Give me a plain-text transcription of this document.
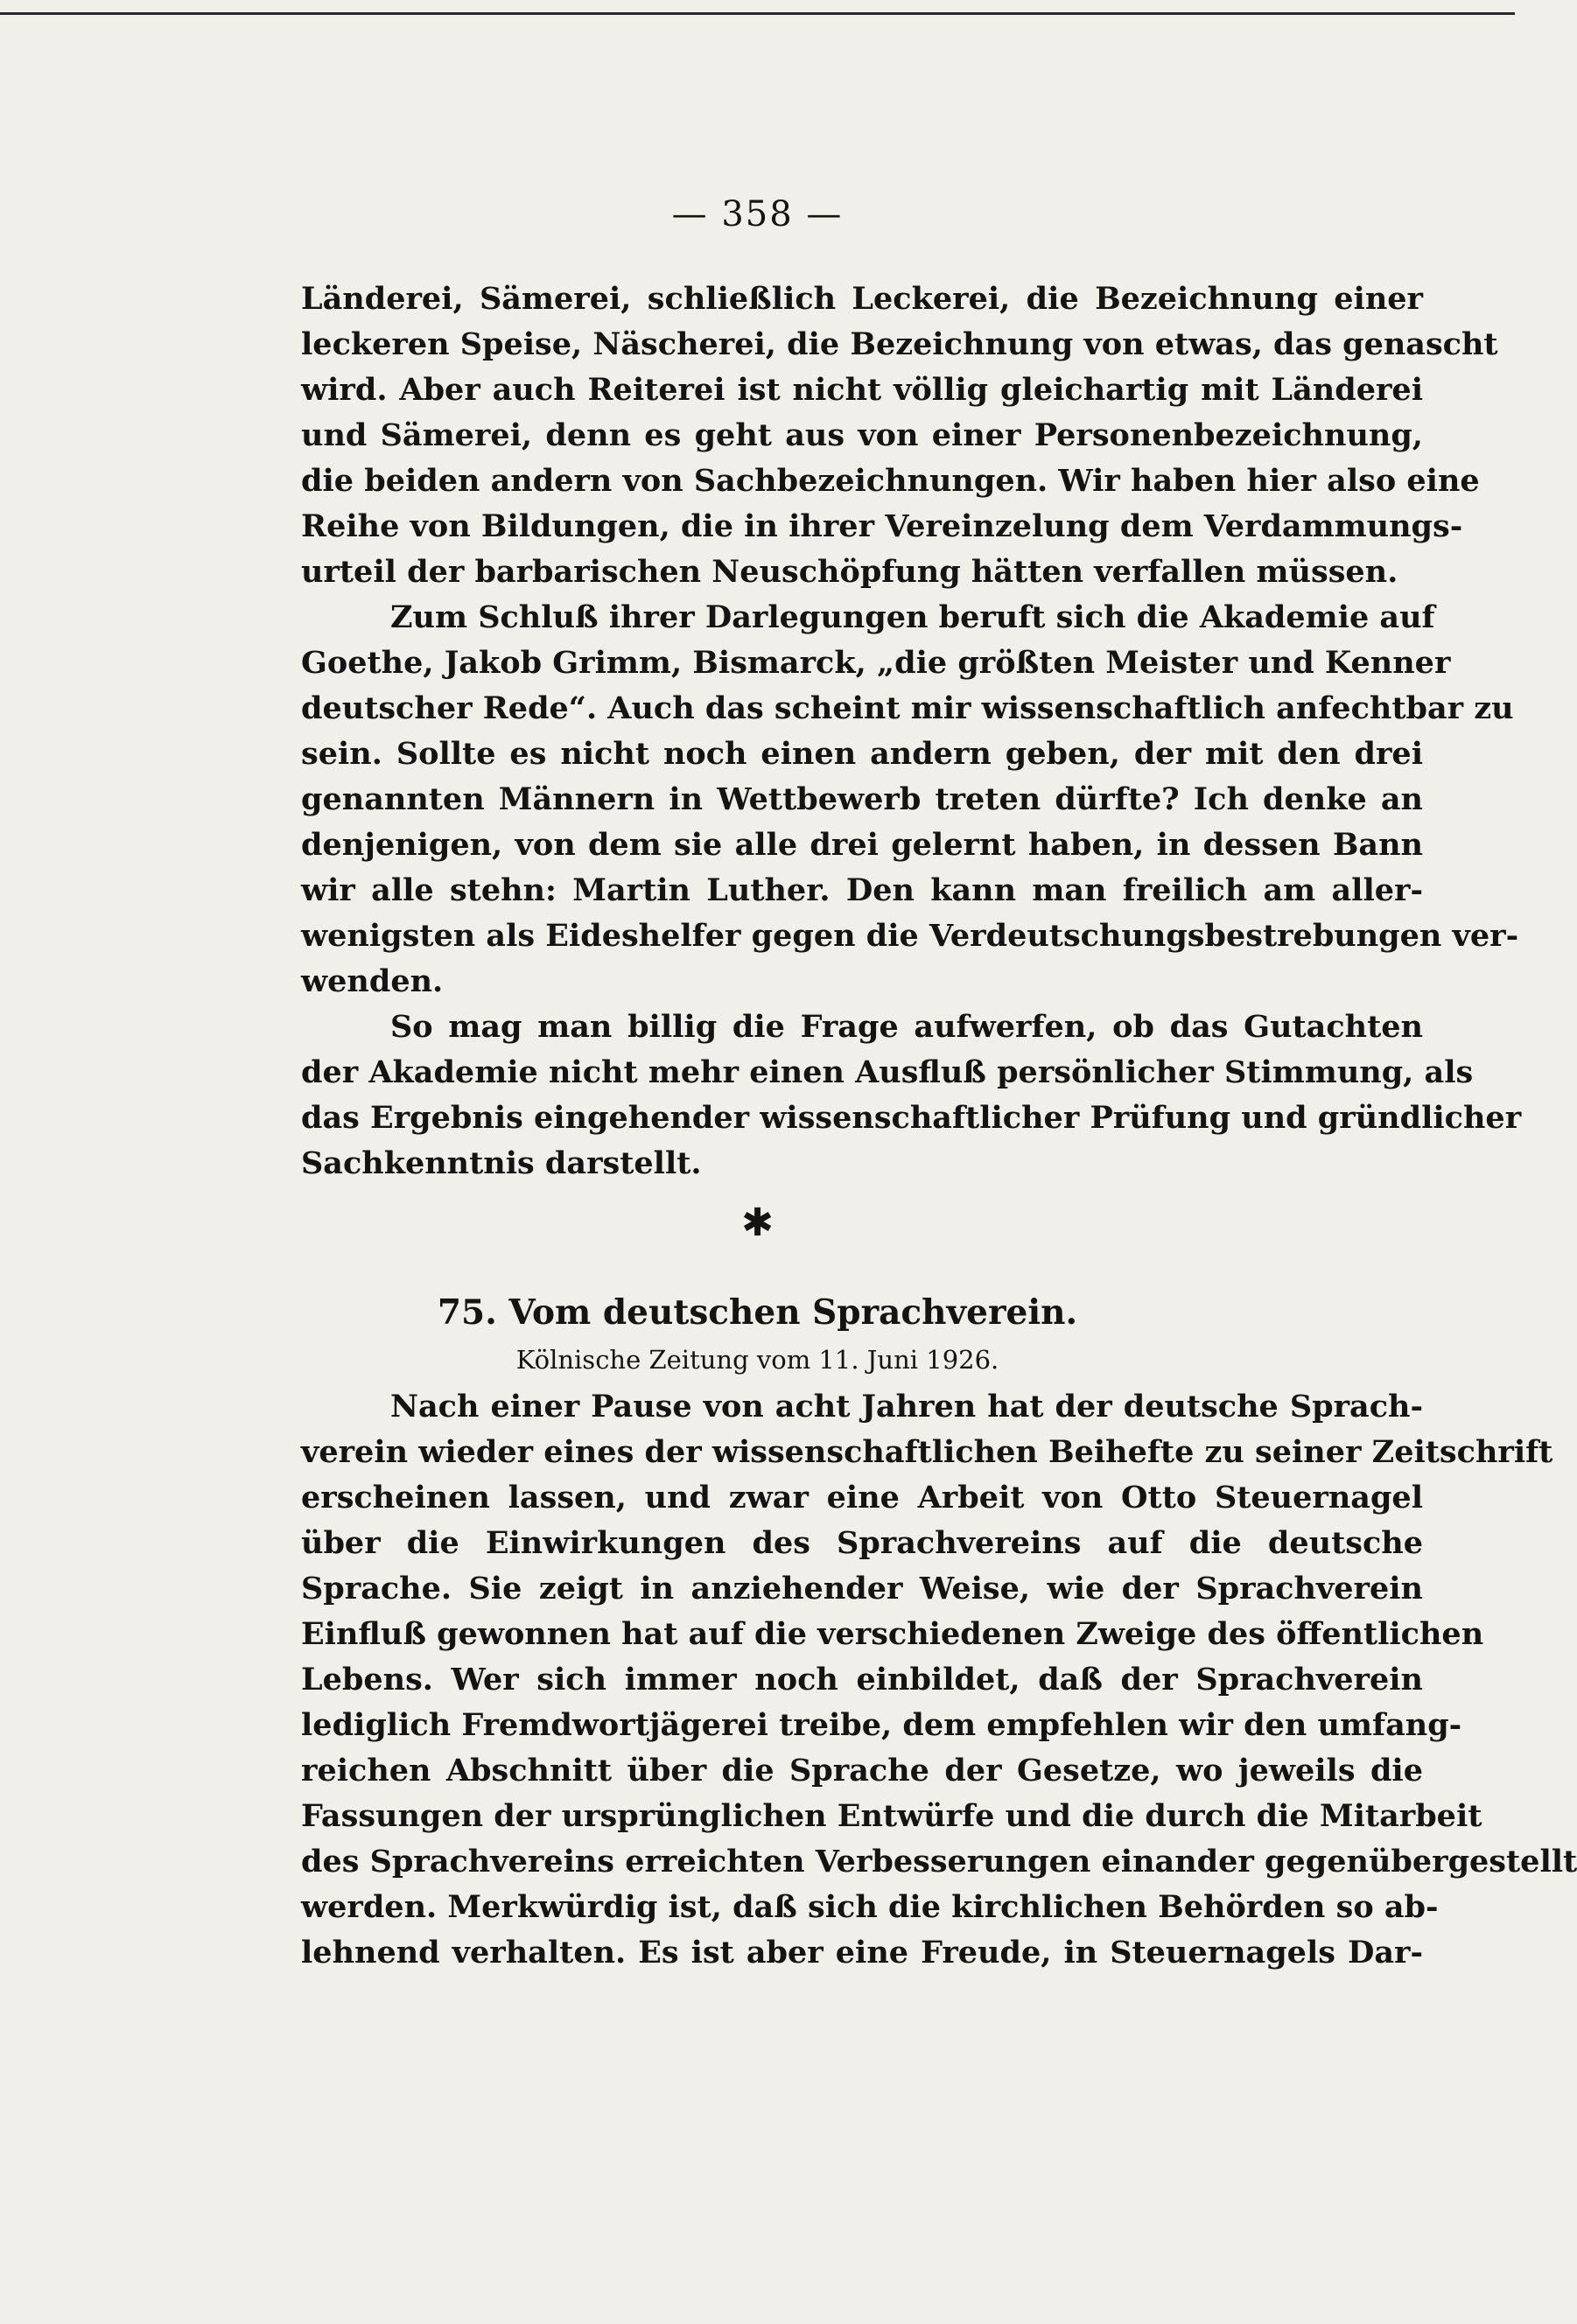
— 358 —
Länderei, Sämerei, schließlich Leckerei, die Bezeichnung einer
leckeren Speise, Näscherei, die Bezeichnung von etwas, das genascht
wird. Aber auch Reiterei ist nicht völlig gleichartig mit Länderei
und Sämerei, denn es geht aus von einer Personenbezeichnung,
die beiden andern von Sachbezeichnungen. Wir haben hier also eine
Reihe von Bildungen, die in ihrer Vereinzelung dem Verdammungs-
urteil der barbarischen Neuschöpfung hätten verfallen müssen.
Zum Schluß ihrer Darlegungen beruft sich die Akademie auf
Goethe, Jakob Grimm, Bismarck, „die größten Meister und Kenner
deutscher Rede“. Auch das scheint mir wissenschaftlich anfechtbar zu
sein. Sollte es nicht noch einen andern geben, der mit den drei
genannten Männern in Wettbewerb treten dürfte? Ich denke an
denjenigen, von dem sie alle drei gelernt haben, in dessen Bann
wir alle stehn: Martin Luther. Den kann man freilich am aller-
wenigsten als Eideshelfer gegen die Verdeutschungsbestrebungen ver-
wenden.
So mag man billig die Frage aufwerfen, ob das Gutachten
der Akademie nicht mehr einen Ausfluß persönlicher Stimmung, als
das Ergebnis eingehender wissenschaftlicher Prüfung und gründlicher
Sachkenntnis darstellt.
✱
75. Vom deutschen Sprachverein.
Kölnische Zeitung vom 11. Juni 1926.
Nach einer Pause von acht Jahren hat der deutsche Sprach-
verein wieder eines der wissenschaftlichen Beihefte zu seiner Zeitschrift
erscheinen lassen, und zwar eine Arbeit von Otto Steuernagel
über die Einwirkungen des Sprachvereins auf die deutsche
Sprache. Sie zeigt in anziehender Weise, wie der Sprachverein
Einfluß gewonnen hat auf die verschiedenen Zweige des öffentlichen
Lebens. Wer sich immer noch einbildet, daß der Sprachverein
lediglich Fremdwortjägerei treibe, dem empfehlen wir den umfang-
reichen Abschnitt über die Sprache der Gesetze, wo jeweils die
Fassungen der ursprünglichen Entwürfe und die durch die Mitarbeit
des Sprachvereins erreichten Verbesserungen einander gegenübergestellt
werden. Merkwürdig ist, daß sich die kirchlichen Behörden so ab-
lehnend verhalten. Es ist aber eine Freude, in Steuernagels Dar-
